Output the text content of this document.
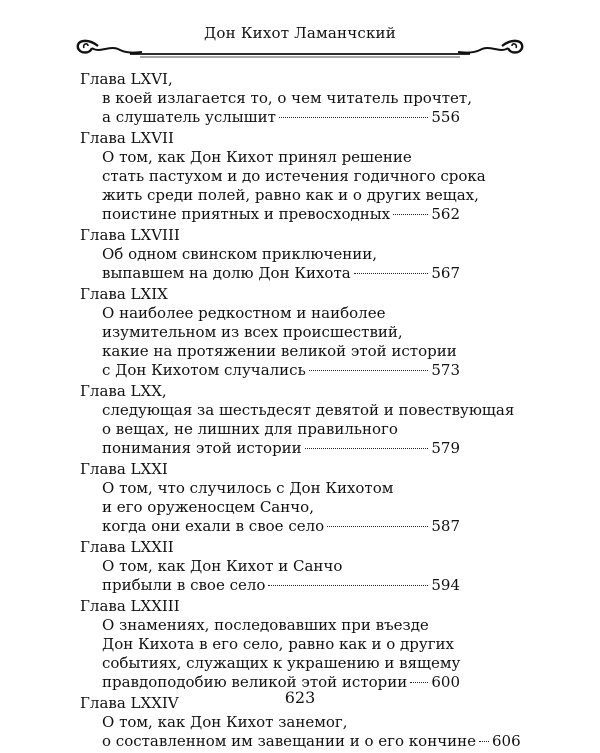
Дон Кихот Ламанчский
Глава LXVI,
в коей излагается то, о чем читатель прочтет,
а слушатель услышит	556
Глава LXVII
О том, как Дон Кихот принял решение
стать пастухом и до истечения годичного срока
жить среди полей, равно как и о других вещах,
поистине приятных и превосходных	562
Глава LXVIII
Об одном свинском приключении,
выпавшем на долю Дон Кихота	567
Глава LXIX
О наиболее редкостном и наиболее
изумительном из всех происшествий,
какие на протяжении великой этой истории
с Дон Кихотом случались	573
Глава LXX,
следующая за шестьдесят девятой и повествующая
о вещах, не лишних для правильного
понимания этой истории	579
Глава LXXI
О том, что случилось с Дон Кихотом
и его оруженосцем Санчо,
когда они ехали в свое село	587
Глава LXXII
О том, как Дон Кихот и Санчо
прибыли в свое село	594
Глава LXXIII
О знамениях, последовавших при въезде
Дон Кихота в его село, равно как и о других
событиях, служащих к украшению и вящему
правдоподобию великой этой истории 600
Глава LXXIV
О том, как Дон Кихот занемог,
о составленном им завещании и о его кончине 606
623
